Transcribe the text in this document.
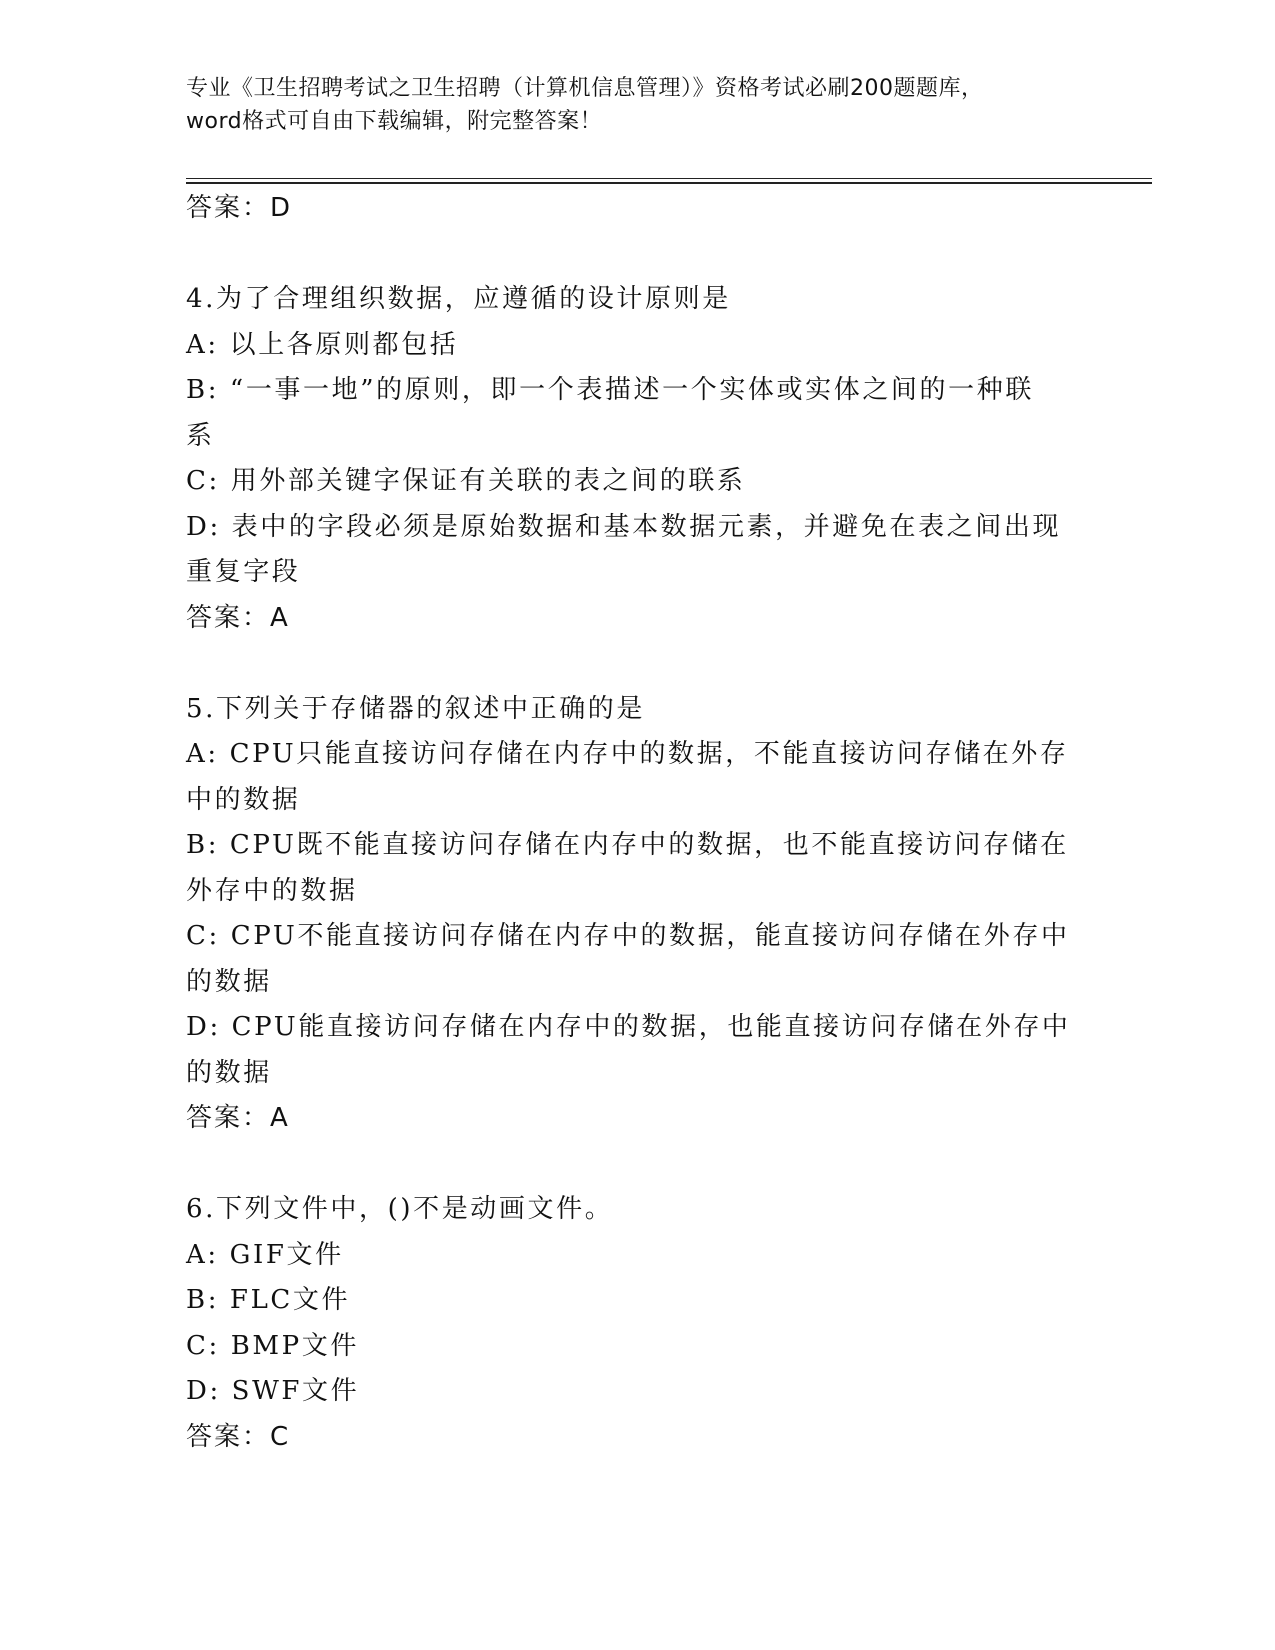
专业《卫生招聘考试之卫生招聘（计算机信息管理）》资格考试必刷200题题库，
word格式可自由下载编辑，附完整答案！
答案：D
4.为了合理组织数据，应遵循的设计原则是
A: 以上各原则都包括
B: “一事一地”的原则，即一个表描述一个实体或实体之间的一种联
系
C: 用外部关键字保证有关联的表之间的联系
D: 表中的字段必须是原始数据和基本数据元素，并避免在表之间出现
重复字段
答案：A
5.下列关于存储器的叙述中正确的是
A: CPU只能直接访问存储在内存中的数据，不能直接访问存储在外存
中的数据
B: CPU既不能直接访问存储在内存中的数据，也不能直接访问存储在
外存中的数据
C: CPU不能直接访问存储在内存中的数据，能直接访问存储在外存中
的数据
D: CPU能直接访问存储在内存中的数据，也能直接访问存储在外存中
的数据
答案：A
6.下列文件中，()不是动画文件。
A: GIF文件
B: FLC文件
C: BMP文件
D: SWF文件
答案：C
